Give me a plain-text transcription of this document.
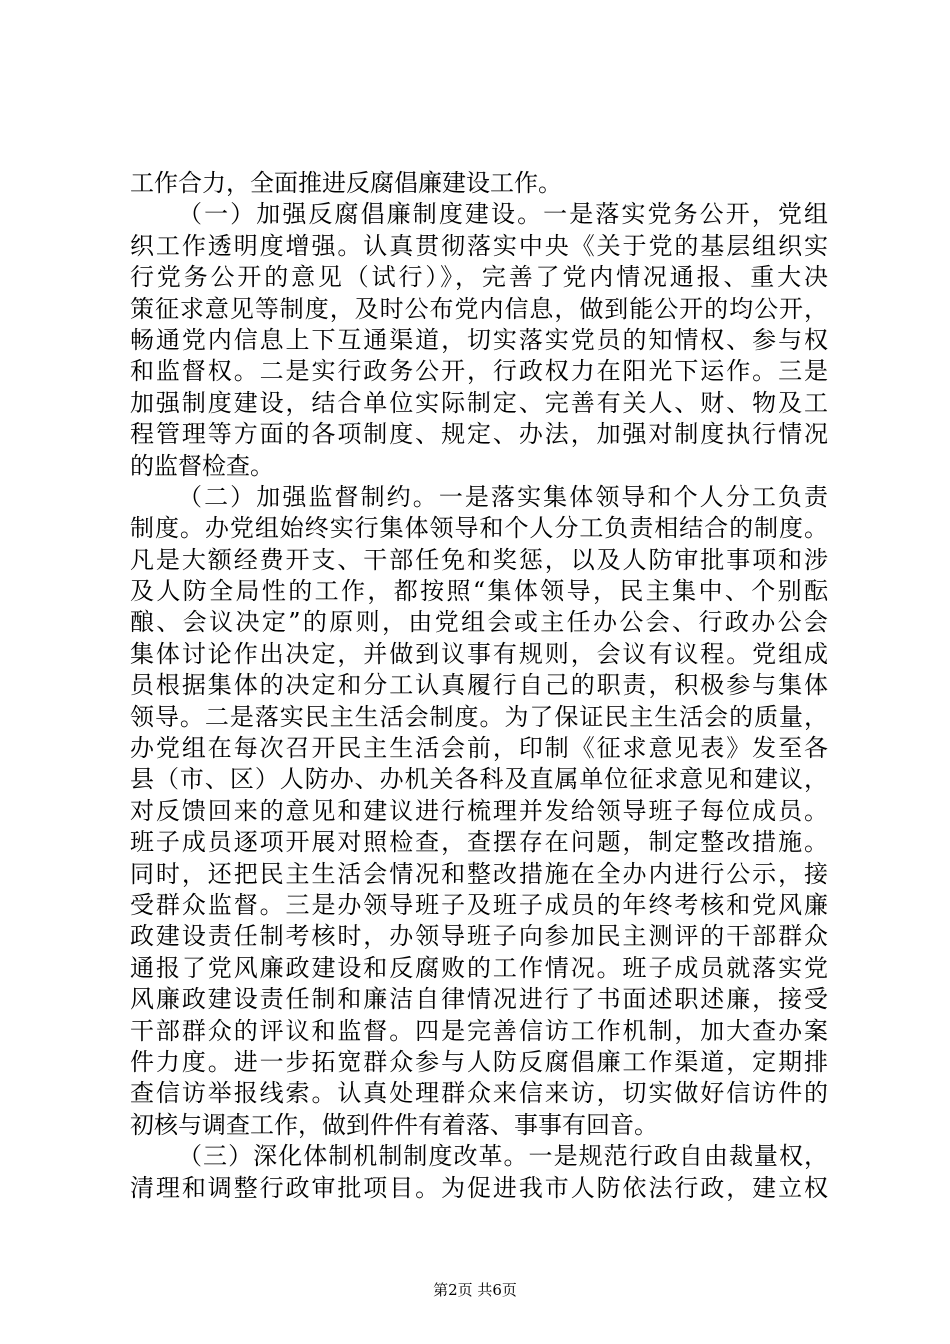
工作合力，全面推进反腐倡廉建设工作。
（一）加强反腐倡廉制度建设。一是落实党务公开，党组
织工作透明度增强。认真贯彻落实中央《关于党的基层组织实
行党务公开的意见（试行）》，完善了党内情况通报、重大决
策征求意见等制度，及时公布党内信息，做到能公开的均公开，
畅通党内信息上下互通渠道，切实落实党员的知情权、参与权
和监督权。二是实行政务公开，行政权力在阳光下运作。三是
加强制度建设，结合单位实际制定、完善有关人、财、物及工
程管理等方面的各项制度、规定、办法，加强对制度执行情况
的监督检查。
（二）加强监督制约。一是落实集体领导和个人分工负责
制度。办党组始终实行集体领导和个人分工负责相结合的制度。
凡是大额经费开支、干部任免和奖惩，以及人防审批事项和涉
及人防全局性的工作，都按照“集体领导，民主集中、个别酝
酿、会议决定”的原则，由党组会或主任办公会、行政办公会
集体讨论作出决定，并做到议事有规则，会议有议程。党组成
员根据集体的决定和分工认真履行自己的职责，积极参与集体
领导。二是落实民主生活会制度。为了保证民主生活会的质量，
办党组在每次召开民主生活会前，印制《征求意见表》发至各
县（市、区）人防办、办机关各科及直属单位征求意见和建议，
对反馈回来的意见和建议进行梳理并发给领导班子每位成员。
班子成员逐项开展对照检查，查摆存在问题，制定整改措施。
同时，还把民主生活会情况和整改措施在全办内进行公示，接
受群众监督。三是办领导班子及班子成员的年终考核和党风廉
政建设责任制考核时，办领导班子向参加民主测评的干部群众
通报了党风廉政建设和反腐败的工作情况。班子成员就落实党
风廉政建设责任制和廉洁自律情况进行了书面述职述廉，接受
干部群众的评议和监督。四是完善信访工作机制，加大查办案
件力度。进一步拓宽群众参与人防反腐倡廉工作渠道，定期排
查信访举报线索。认真处理群众来信来访，切实做好信访件的
初核与调查工作，做到件件有着落、事事有回音。
（三）深化体制机制制度改革。一是规范行政自由裁量权，
清理和调整行政审批项目。为促进我市人防依法行政，建立权
第2页 共6页
